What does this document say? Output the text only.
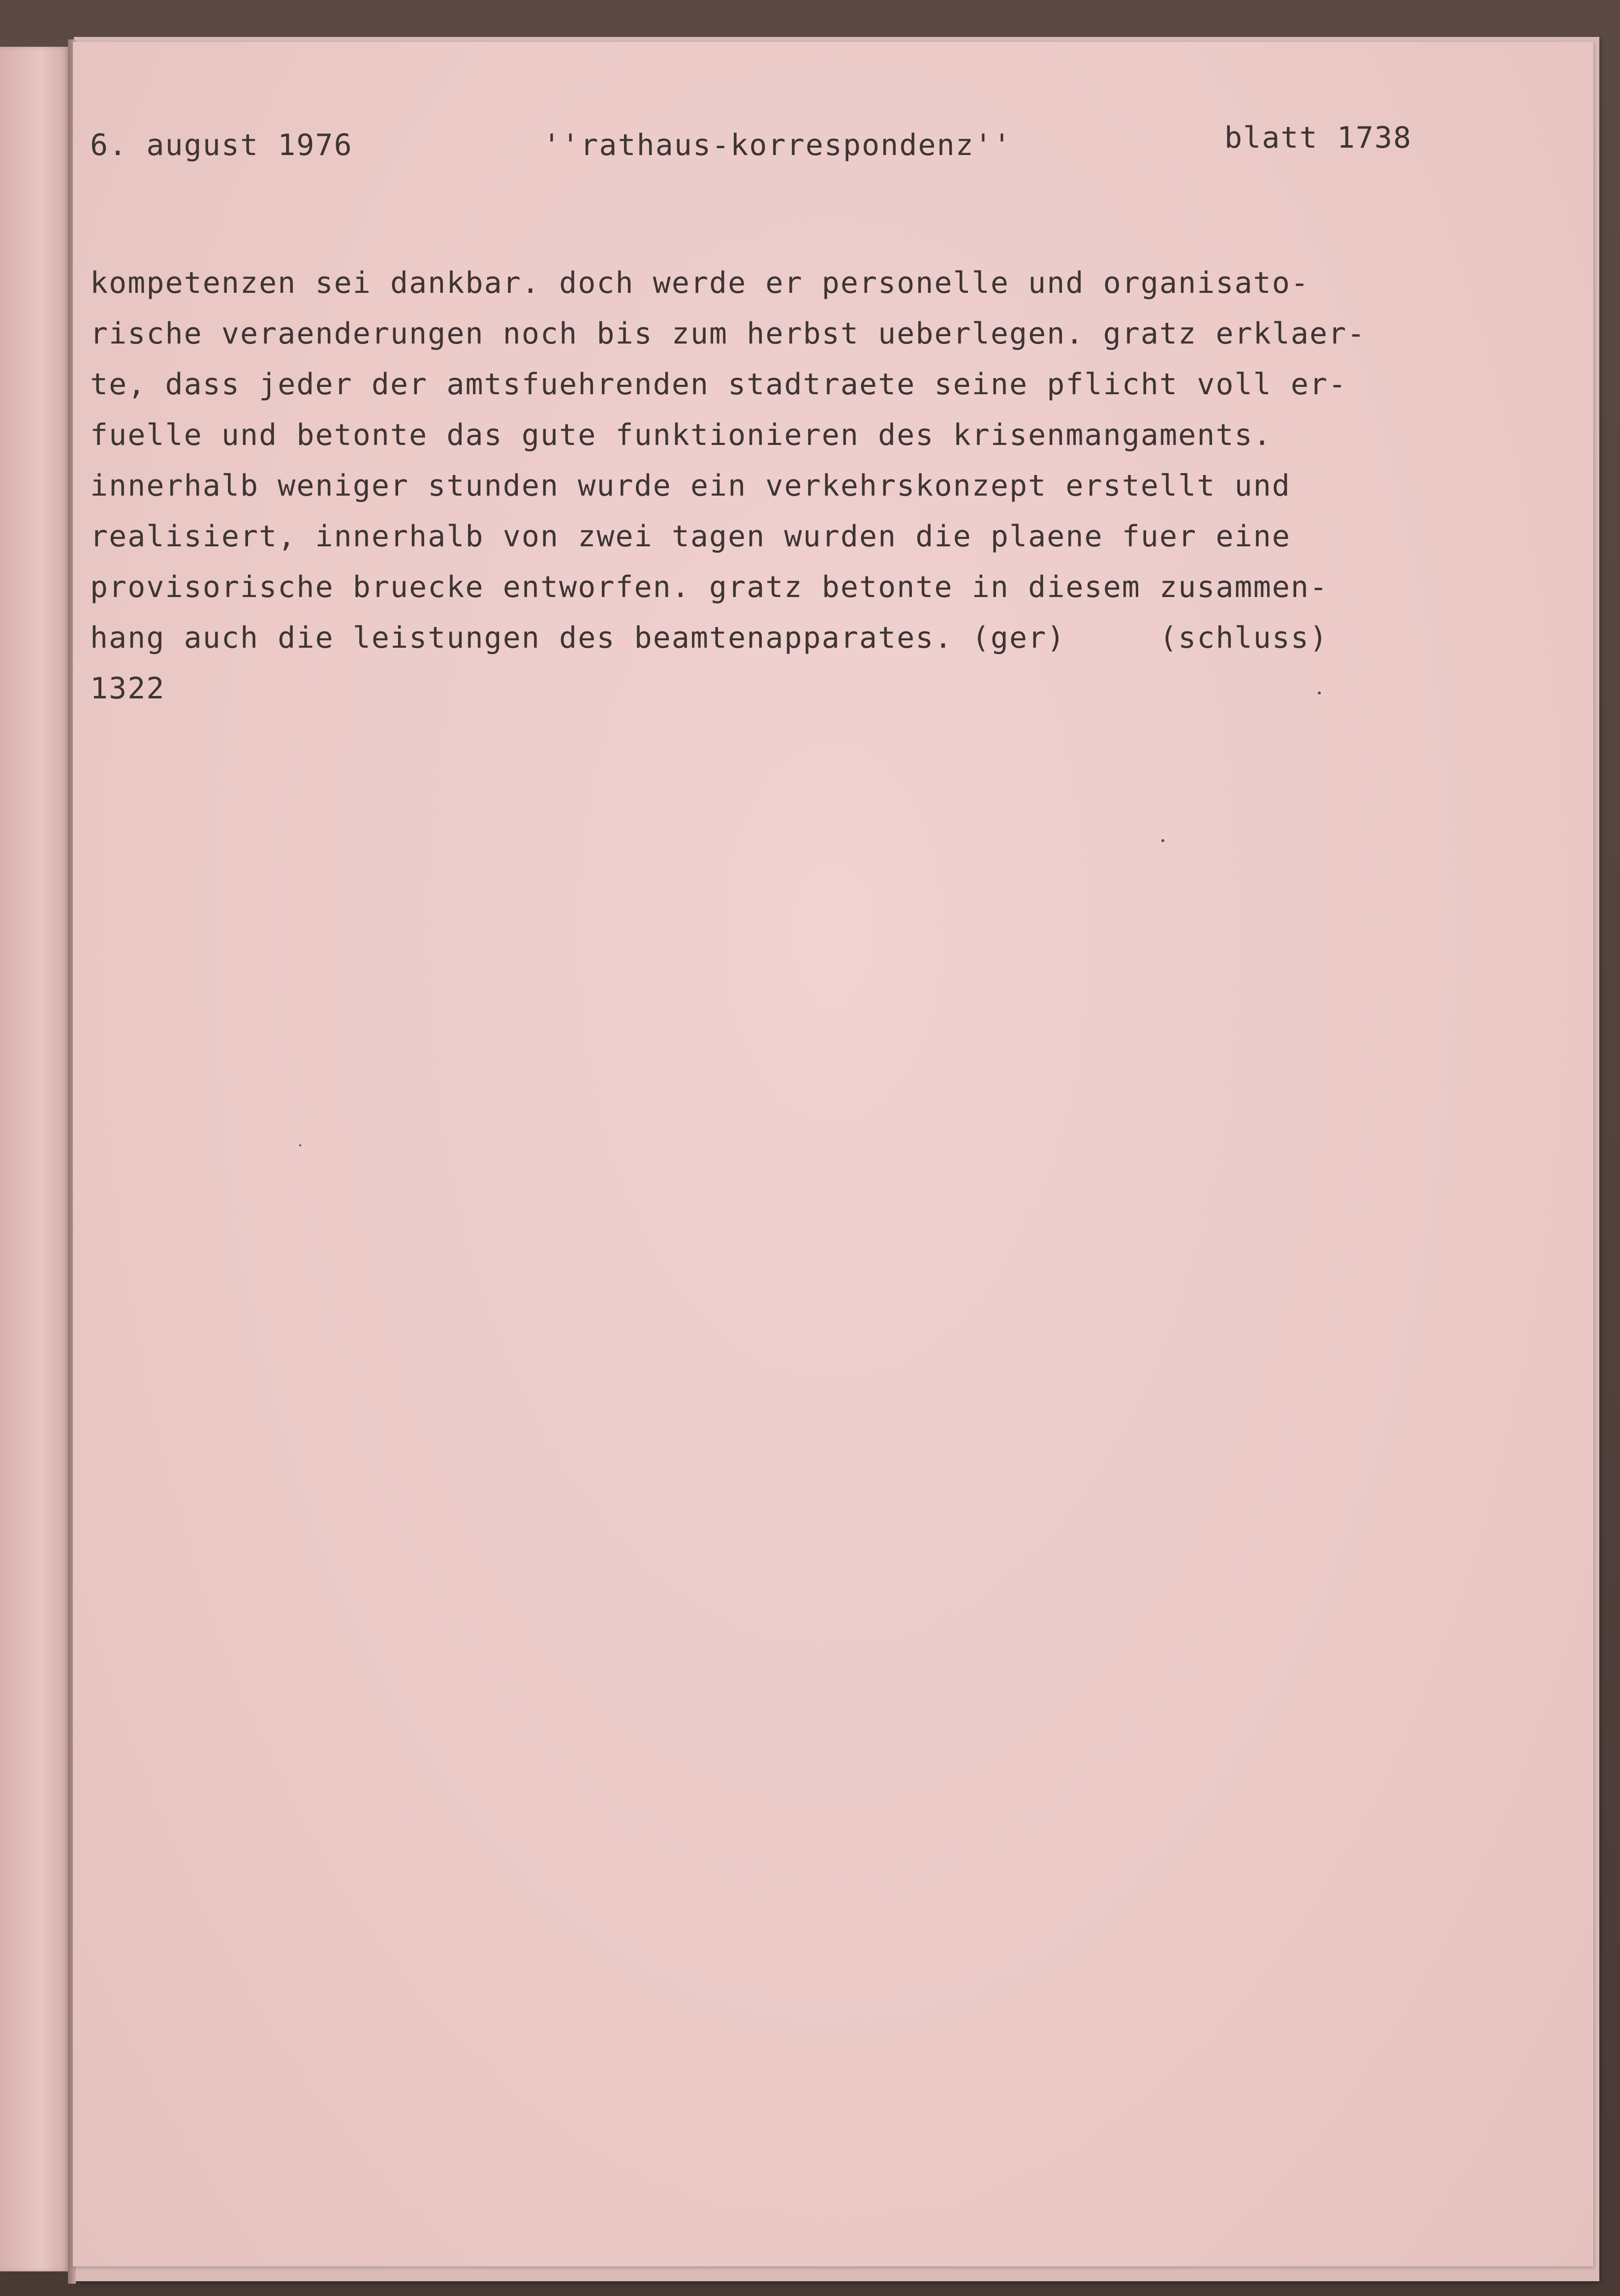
6. august 1976	''rathaus-korrespondenz''	blatt 1738
kompetenzen sei dankbar. doch werde er personelle und organisato-
rische veraenderungen noch bis zum herbst ueberlegen. gratz erklaer-
te, dass jeder der amtsfuehrenden stadtraete seine pflicht voll er-
fuelle und betonte das gute funktionieren des krisenmangaments.
innerhalb weniger stunden wurde ein verkehrskonzept erstellt und
realisiert, innerhalb von zwei tagen wurden die plaene fuer eine
provisorische bruecke entworfen. gratz betonte in diesem zusammen-
hang auch die leistungen des beamtenapparates. (ger)     (schluss)
1322
